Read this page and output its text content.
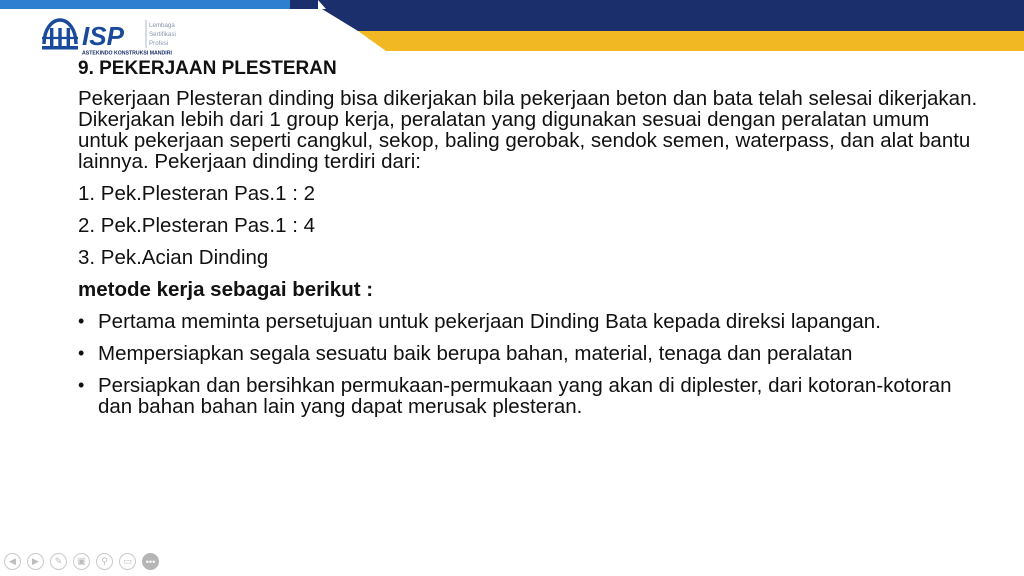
ISP	Lembaga
Sertifikasi
Profesi
ASTEKINDO KONSTRUKSI MANDIRI
9. PEKERJAAN PLESTERAN
Pekerjaan Plesteran dinding bisa dikerjakan bila pekerjaan beton dan bata telah selesai dikerjakan. Dikerjakan lebih dari 1 group kerja, peralatan yang digunakan sesuai dengan peralatan umum untuk pekerjaan seperti cangkul, sekop, baling gerobak, sendok semen, waterpass, dan alat bantu lainnya. Pekerjaan dinding terdiri dari:
1. Pek.Plesteran Pas.1 : 2
2. Pek.Plesteran Pas.1 : 4
3. Pek.Acian Dinding
metode kerja sebagai berikut :
• Pertama meminta persetujuan untuk pekerjaan Dinding Bata kepada direksi lapangan.
• Mempersiapkan segala sesuatu baik berupa bahan, material, tenaga dan peralatan
• Persiapkan dan bersihkan permukaan-permukaan yang akan di diplester, dari kotoran-kotoran dan bahan bahan lain yang dapat merusak plesteran.
◀	▶	✎	▣	⚲	▭	•••
